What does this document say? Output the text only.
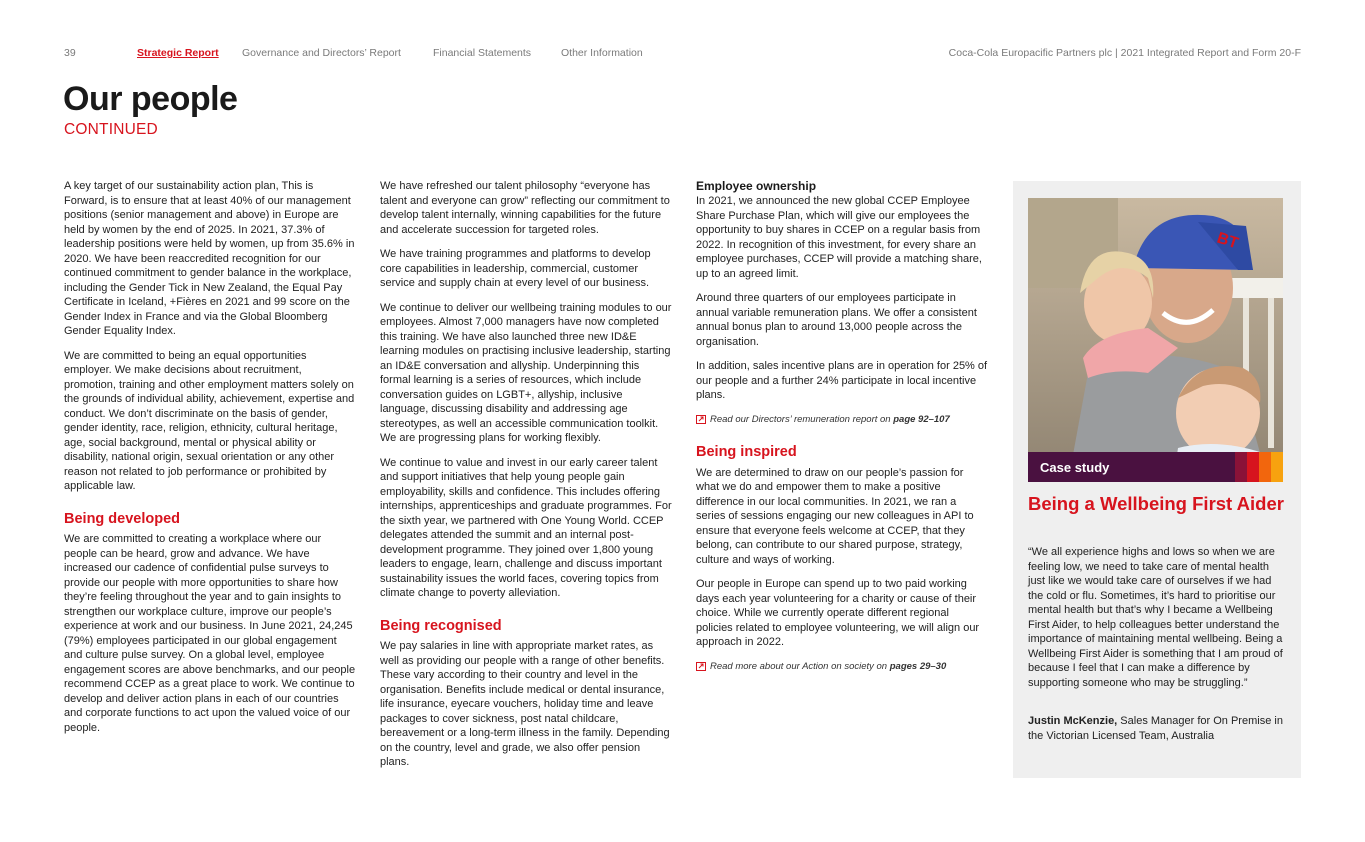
39	Strategic Report Governance and Directors’ Report	Financial Statements	Other Information	Coca-Cola Europacific Partners plc | 2021 Integrated Report and Form 20-F
Our people
CONTINUED

A key target of our sustainability action plan, This is Forward, is to ensure that at least 40% of our management positions (senior management and above) in Europe are held by women by the end of 2025. In 2021, 37.3% of leadership positions were held by women, up from 35.6% in 2020. We have been reaccredited recognition for our continued commitment to gender balance in the workplace, including the Gender Tick in New Zealand, the Equal Pay Certificate in Iceland, +Fières en 2021 and 99 score on the Gender Index in France and via the Global Bloomberg Gender Equality Index.

We are committed to being an equal opportunities employer. We make decisions about recruitment, promotion, training and other employment matters solely on the grounds of individual ability, achievement, expertise and conduct. We don’t discriminate on the basis of gender, gender identity, race, religion, ethnicity, cultural heritage, age, social background, mental or physical ability or disability, national origin, sexual orientation or any other reason not related to job performance or prohibited by applicable law.

Being developed

We are committed to creating a workplace where our people can be heard, grow and advance. We have increased our cadence of confidential pulse surveys to provide our people with more opportunities to share how they’re feeling throughout the year and to gain insights to strengthen our workplace culture, improve our people’s experience at work and our business. In June 2021, 24,245 (79%) employees participated in our global engagement and culture pulse survey. On a global level, employee engagement scores are above benchmarks, and our people recommend CCEP as a great place to work. We continue to develop and deliver action plans in each of our countries and corporate functions to act upon the valued voice of our people.

We have refreshed our talent philosophy “everyone has talent and everyone can grow” reflecting our commitment to develop talent internally, winning capabilities for the future and accelerate succession for targeted roles.

We have training programmes and platforms to develop core capabilities in leadership, commercial, customer service and supply chain at every level of our business.

We continue to deliver our wellbeing training modules to our employees. Almost 7,000 managers have now completed this training. We have also launched three new ID&E learning modules on practising inclusive leadership, starting an ID&E conversation and allyship. Underpinning this formal learning is a series of resources, which include conversation guides on LGBT+, allyship, inclusive language, discussing disability and addressing age stereotypes, as well an accessible communication toolkit. We are progressing plans for working flexibly.

We continue to value and invest in our early career talent and support initiatives that help young people gain employability, skills and confidence. This includes offering internships, apprenticeships and graduate programmes. For the sixth year, we partnered with One Young World. CCEP delegates attended the summit and an internal post-development programme. They joined over 1,800 young leaders to engage, learn, challenge and discuss important sustainability issues the world faces, covering topics from climate change to poverty alleviation.

Being recognised

We pay salaries in line with appropriate market rates, as well as providing our people with a range of other benefits. These vary according to their country and level in the organisation. Benefits include medical or dental insurance, life insurance, eyecare vouchers, holiday time and leave packages to cover sickness, post natal childcare, bereavement or a long-term illness in the family. Depending on the country, level and grade, we also offer pension plans.

Employee ownership

In 2021, we announced the new global CCEP Employee Share Purchase Plan, which will give our employees the opportunity to buy shares in CCEP on a regular basis from 2022. In recognition of this investment, for every share an employee purchases, CCEP will provide a matching share, up to an agreed limit.

Around three quarters of our employees participate in annual variable remuneration plans. We offer a consistent annual bonus plan to around 13,000 people across the organisation.

In addition, sales incentive plans are in operation for 25% of our people and a further 24% participate in local incentive plans.

Read our Directors’ remuneration report on page 92–107
Being inspired

We are determined to draw on our people’s passion for what we do and empower them to make a positive difference in our local communities. In 2021, we ran a series of sessions engaging our new colleagues in API to ensure that everyone feels welcome at CCEP, that they belong, can contribute to our shared purpose, strategy, culture and ways of working.

Our people in Europe can spend up to two paid working days each year volunteering for a charity or cause of their choice. While we currently operate different regional policies related to employee volunteering, we will align our approach in 2022.

Read more about our Action on society on pages 29–30
BT
Case study
Being a Wellbeing First Aider
“We all experience highs and lows so when we are feeling low, we need to take care of mental health just like we would take care of ourselves if we had the cold or flu. Sometimes, it’s hard to prioritise our mental health but that’s why I became a Wellbeing First Aider, to help colleagues better understand the importance of maintaining mental wellbeing. Being a Wellbeing First Aider is something that I am proud of because I feel that I can make a difference by supporting someone who may be struggling.”
Justin McKenzie, Sales Manager for On Premise in the Victorian Licensed Team, Australia
